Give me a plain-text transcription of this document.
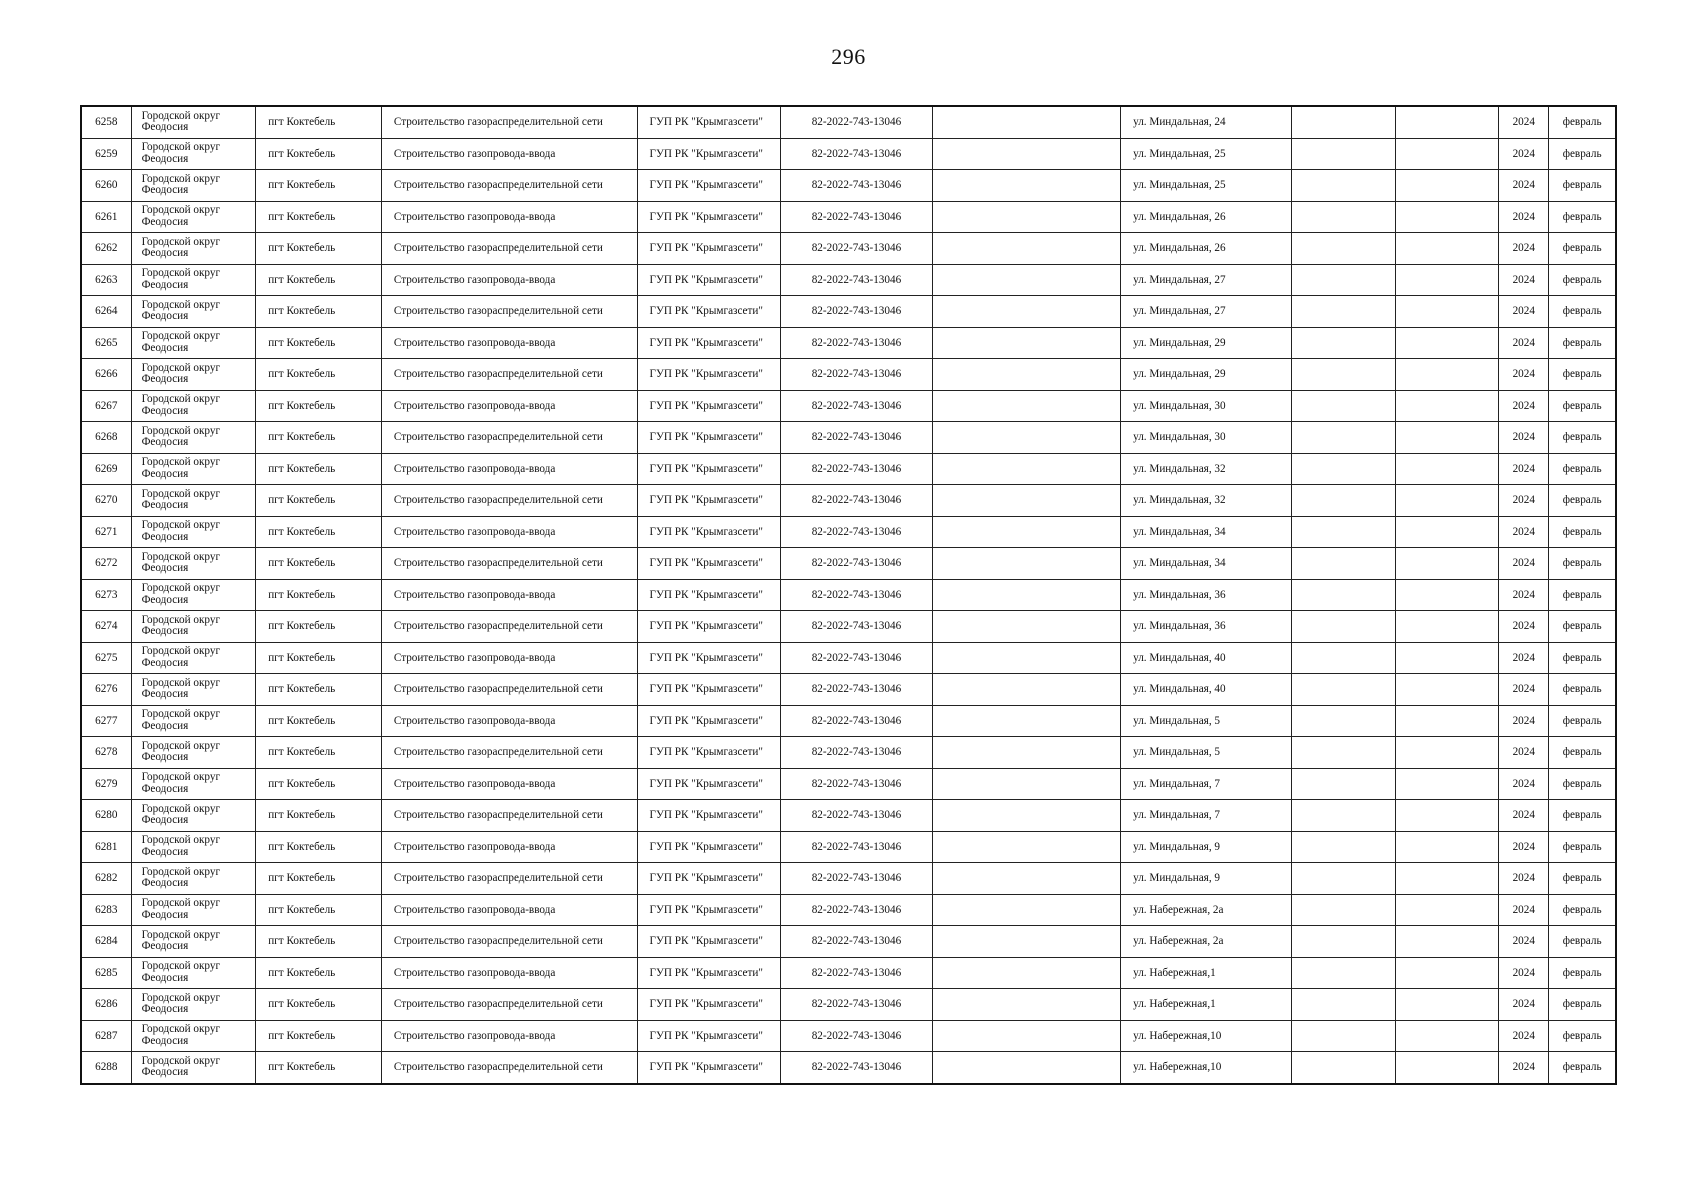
296
6258	Городской округ Феодосия	пгт Коктебель	Строительство газораспределительной сети	ГУП РК "Крымгазсети"	82-2022-743-13046		ул. Миндальная, 24			2024	февраль
6259	Городской округ Феодосия	пгт Коктебель	Строительство газопровода-ввода	ГУП РК "Крымгазсети"	82-2022-743-13046		ул. Миндальная, 25			2024	февраль
6260	Городской округ Феодосия	пгт Коктебель	Строительство газораспределительной сети	ГУП РК "Крымгазсети"	82-2022-743-13046		ул. Миндальная, 25			2024	февраль
6261	Городской округ Феодосия	пгт Коктебель	Строительство газопровода-ввода	ГУП РК "Крымгазсети"	82-2022-743-13046		ул. Миндальная, 26			2024	февраль
6262	Городской округ Феодосия	пгт Коктебель	Строительство газораспределительной сети	ГУП РК "Крымгазсети"	82-2022-743-13046		ул. Миндальная, 26			2024	февраль
6263	Городской округ Феодосия	пгт Коктебель	Строительство газопровода-ввода	ГУП РК "Крымгазсети"	82-2022-743-13046		ул. Миндальная, 27			2024	февраль
6264	Городской округ Феодосия	пгт Коктебель	Строительство газораспределительной сети	ГУП РК "Крымгазсети"	82-2022-743-13046		ул. Миндальная, 27			2024	февраль
6265	Городской округ Феодосия	пгт Коктебель	Строительство газопровода-ввода	ГУП РК "Крымгазсети"	82-2022-743-13046		ул. Миндальная, 29			2024	февраль
6266	Городской округ Феодосия	пгт Коктебель	Строительство газораспределительной сети	ГУП РК "Крымгазсети"	82-2022-743-13046		ул. Миндальная, 29			2024	февраль
6267	Городской округ Феодосия	пгт Коктебель	Строительство газопровода-ввода	ГУП РК "Крымгазсети"	82-2022-743-13046		ул. Миндальная, 30			2024	февраль
6268	Городской округ Феодосия	пгт Коктебель	Строительство газораспределительной сети	ГУП РК "Крымгазсети"	82-2022-743-13046		ул. Миндальная, 30			2024	февраль
6269	Городской округ Феодосия	пгт Коктебель	Строительство газопровода-ввода	ГУП РК "Крымгазсети"	82-2022-743-13046		ул. Миндальная, 32			2024	февраль
6270	Городской округ Феодосия	пгт Коктебель	Строительство газораспределительной сети	ГУП РК "Крымгазсети"	82-2022-743-13046		ул. Миндальная, 32			2024	февраль
6271	Городской округ Феодосия	пгт Коктебель	Строительство газопровода-ввода	ГУП РК "Крымгазсети"	82-2022-743-13046		ул. Миндальная, 34			2024	февраль
6272	Городской округ Феодосия	пгт Коктебель	Строительство газораспределительной сети	ГУП РК "Крымгазсети"	82-2022-743-13046		ул. Миндальная, 34			2024	февраль
6273	Городской округ Феодосия	пгт Коктебель	Строительство газопровода-ввода	ГУП РК "Крымгазсети"	82-2022-743-13046		ул. Миндальная, 36			2024	февраль
6274	Городской округ Феодосия	пгт Коктебель	Строительство газораспределительной сети	ГУП РК "Крымгазсети"	82-2022-743-13046		ул. Миндальная, 36			2024	февраль
6275	Городской округ Феодосия	пгт Коктебель	Строительство газопровода-ввода	ГУП РК "Крымгазсети"	82-2022-743-13046		ул. Миндальная, 40			2024	февраль
6276	Городской округ Феодосия	пгт Коктебель	Строительство газораспределительной сети	ГУП РК "Крымгазсети"	82-2022-743-13046		ул. Миндальная, 40			2024	февраль
6277	Городской округ Феодосия	пгт Коктебель	Строительство газопровода-ввода	ГУП РК "Крымгазсети"	82-2022-743-13046		ул. Миндальная, 5			2024	февраль
6278	Городской округ Феодосия	пгт Коктебель	Строительство газораспределительной сети	ГУП РК "Крымгазсети"	82-2022-743-13046		ул. Миндальная, 5			2024	февраль
6279	Городской округ Феодосия	пгт Коктебель	Строительство газопровода-ввода	ГУП РК "Крымгазсети"	82-2022-743-13046		ул. Миндальная, 7			2024	февраль
6280	Городской округ Феодосия	пгт Коктебель	Строительство газораспределительной сети	ГУП РК "Крымгазсети"	82-2022-743-13046		ул. Миндальная, 7			2024	февраль
6281	Городской округ Феодосия	пгт Коктебель	Строительство газопровода-ввода	ГУП РК "Крымгазсети"	82-2022-743-13046		ул. Миндальная, 9			2024	февраль
6282	Городской округ Феодосия	пгт Коктебель	Строительство газораспределительной сети	ГУП РК "Крымгазсети"	82-2022-743-13046		ул. Миндальная, 9			2024	февраль
6283	Городской округ Феодосия	пгт Коктебель	Строительство газопровода-ввода	ГУП РК "Крымгазсети"	82-2022-743-13046		ул. Набережная, 2а			2024	февраль
6284	Городской округ Феодосия	пгт Коктебель	Строительство газораспределительной сети	ГУП РК "Крымгазсети"	82-2022-743-13046		ул. Набережная, 2а			2024	февраль
6285	Городской округ Феодосия	пгт Коктебель	Строительство газопровода-ввода	ГУП РК "Крымгазсети"	82-2022-743-13046		ул. Набережная,1			2024	февраль
6286	Городской округ Феодосия	пгт Коктебель	Строительство газораспределительной сети	ГУП РК "Крымгазсети"	82-2022-743-13046		ул. Набережная,1			2024	февраль
6287	Городской округ Феодосия	пгт Коктебель	Строительство газопровода-ввода	ГУП РК "Крымгазсети"	82-2022-743-13046		ул. Набережная,10			2024	февраль
6288	Городской округ Феодосия	пгт Коктебель	Строительство газораспределительной сети	ГУП РК "Крымгазсети"	82-2022-743-13046		ул. Набережная,10			2024	февраль
